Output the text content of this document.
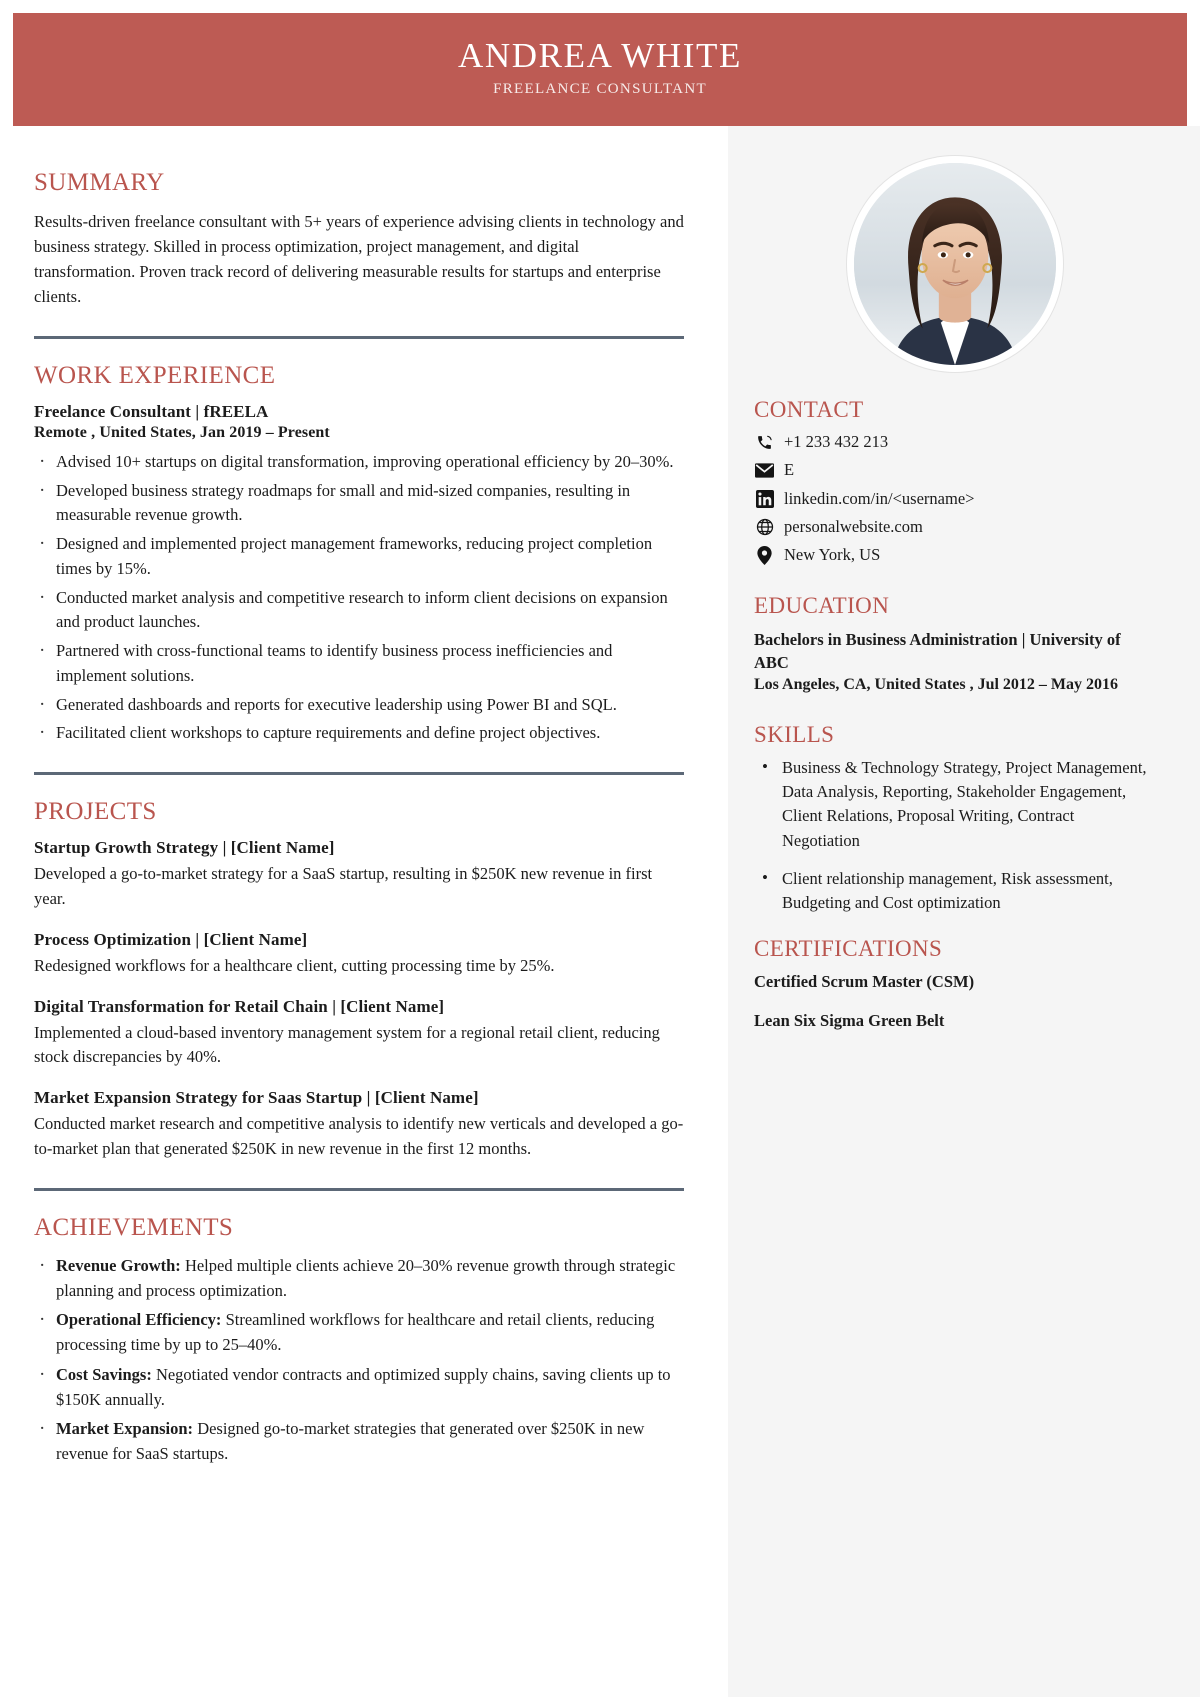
ANDREA WHITE
FREELANCE CONSULTANT
SUMMARY

Results-driven freelance consultant with 5+ years of experience advising clients in technology and business strategy. Skilled in process optimization, project management, and digital transformation. Proven track record of delivering measurable results for startups and enterprise clients.

WORK EXPERIENCE
Freelance Consultant | fREELA
Remote , United States, Jan 2019 – Present
· Advised 10+ startups on digital transformation, improving operational efficiency by 20–30%.
· Developed business strategy roadmaps for small and mid-sized companies, resulting in measurable revenue growth.
· Designed and implemented project management frameworks, reducing project completion times by 15%.
· Conducted market analysis and competitive research to inform client decisions on expansion and product launches.
· Partnered with cross-functional teams to identify business process inefficiencies and implement solutions.
· Generated dashboards and reports for executive leadership using Power BI and SQL.
· Facilitated client workshops to capture requirements and define project objectives.
PROJECTS
Startup Growth Strategy | [Client Name]
Developed a go-to-market strategy for a SaaS startup, resulting in $250K new revenue in first year.
Process Optimization | [Client Name]
Redesigned workflows for a healthcare client, cutting processing time by 25%.
Digital Transformation for Retail Chain | [Client Name]
Implemented a cloud-based inventory management system for a regional retail client, reducing stock discrepancies by 40%.
Market Expansion Strategy for Saas Startup | [Client Name]
Conducted market research and competitive analysis to identify new verticals and developed a go-to-market plan that generated $250K in new revenue in the first 12 months.
ACHIEVEMENTS
· Revenue Growth: Helped multiple clients achieve 20–30% revenue growth through strategic planning and process optimization.
· Operational Efficiency: Streamlined workflows for healthcare and retail clients, reducing processing time by up to 25–40%.
· Cost Savings: Negotiated vendor contracts and optimized supply chains, saving clients up to $150K annually.
· Market Expansion: Designed go-to-market strategies that generated over $250K in new revenue for SaaS startups.
CONTACT
+1 233 432 213
E
linkedin.com/in/<username>
personalwebsite.com
New York, US
EDUCATION
Bachelors in Business Administration | University of ABC
Los Angeles, CA, United States , Jul 2012 – May 2016
SKILLS
• Business & Technology Strategy, Project Management, Data Analysis, Reporting, Stakeholder Engagement, Client Relations, Proposal Writing, Contract Negotiation
• Client relationship management, Risk assessment, Budgeting and Cost optimization
CERTIFICATIONS
Certified Scrum Master (CSM)
Lean Six Sigma Green Belt
